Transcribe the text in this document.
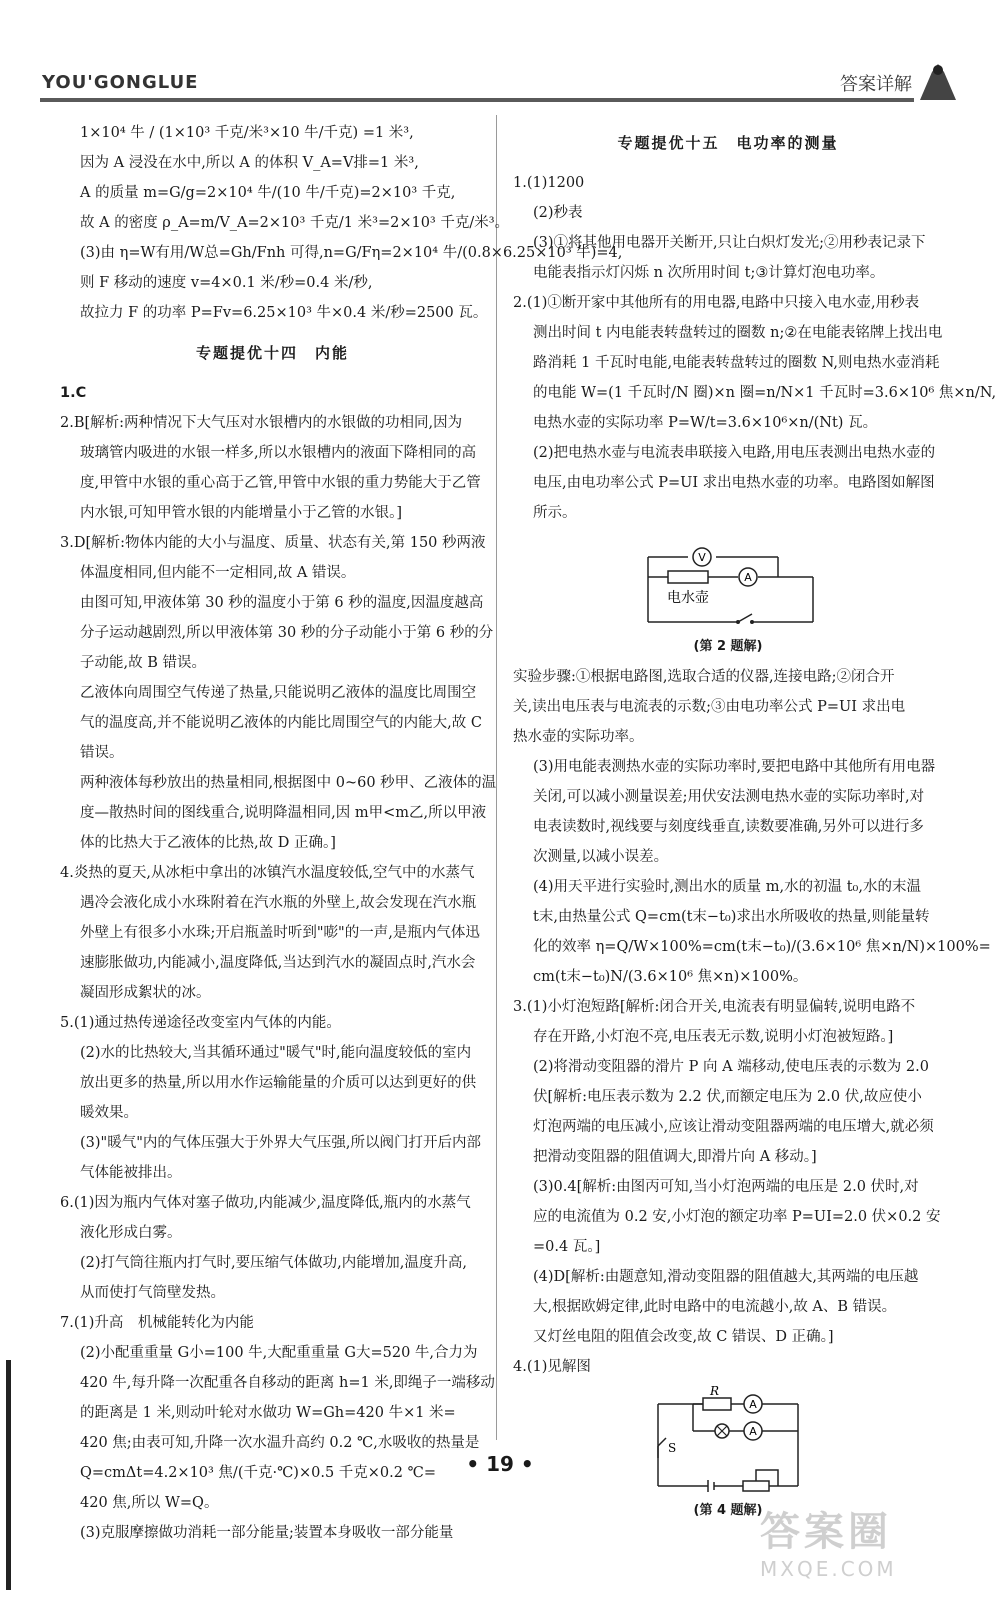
YOU'GONGLUE	答案详解
1×10⁴ 牛 / (1×10³ 千克/米³×10 牛/千克) =1 米³,
因为 A 浸没在水中,所以 A 的体积 V_A=V排=1 米³,
A 的质量 m=G/g=2×10⁴ 牛/(10 牛/千克)=2×10³ 千克,
故 A 的密度 ρ_A=m/V_A=2×10³ 千克/1 米³=2×10³ 千克/米³。
(3)由 η=W有用/W总=Gh/Fnh 可得,n=G/Fη=2×10⁴ 牛/(0.8×6.25×10³ 牛)=4,
则 F 移动的速度 v=4×0.1 米/秒=0.4 米/秒,
故拉力 F 的功率 P=Fv=6.25×10³ 牛×0.4 米/秒=2500 瓦。
专题提优十四　内能
1.C
2.B[解析:两种情况下大气压对水银槽内的水银做的功相同,因为
玻璃管内吸进的水银一样多,所以水银槽内的液面下降相同的高
度,甲管中水银的重心高于乙管,甲管中水银的重力势能大于乙管
内水银,可知甲管水银的内能增量小于乙管的水银。]
3.D[解析:物体内能的大小与温度、质量、状态有关,第 150 秒两液
体温度相同,但内能不一定相同,故 A 错误。
由图可知,甲液体第 30 秒的温度小于第 6 秒的温度,因温度越高
分子运动越剧烈,所以甲液体第 30 秒的分子动能小于第 6 秒的分
子动能,故 B 错误。
乙液体向周围空气传递了热量,只能说明乙液体的温度比周围空
气的温度高,并不能说明乙液体的内能比周围空气的内能大,故 C
错误。
两种液体每秒放出的热量相同,根据图中 0~60 秒甲、乙液体的温
度—散热时间的图线重合,说明降温相同,因 m甲<m乙,所以甲液
体的比热大于乙液体的比热,故 D 正确。]
4.炎热的夏天,从冰柜中拿出的冰镇汽水温度较低,空气中的水蒸气
遇冷会液化成小水珠附着在汽水瓶的外壁上,故会发现在汽水瓶
外壁上有很多小水珠;开启瓶盖时听到"嘭"的一声,是瓶内气体迅
速膨胀做功,内能减小,温度降低,当达到汽水的凝固点时,汽水会
凝固形成絮状的冰。
5.(1)通过热传递途径改变室内气体的内能。
(2)水的比热较大,当其循环通过"暖气"时,能向温度较低的室内
放出更多的热量,所以用水作运输能量的介质可以达到更好的供
暖效果。
(3)"暖气"内的气体压强大于外界大气压强,所以阀门打开后内部
气体能被排出。
6.(1)因为瓶内气体对塞子做功,内能减少,温度降低,瓶内的水蒸气
液化形成白雾。
(2)打气筒往瓶内打气时,要压缩气体做功,内能增加,温度升高,
从而使打气筒壁发热。
7.(1)升高　机械能转化为内能
(2)小配重重量 G小=100 牛,大配重重量 G大=520 牛,合力为
420 牛,每升降一次配重各自移动的距离 h=1 米,即绳子一端移动
的距离是 1 米,则动叶轮对水做功 W=Gh=420 牛×1 米=
420 焦;由表可知,升降一次水温升高约 0.2 ℃,水吸收的热量是
Q=cmΔt=4.2×10³ 焦/(千克·℃)×0.5 千克×0.2 ℃=
420 焦,所以 W=Q。
(3)克服摩擦做功消耗一部分能量;装置本身吸收一部分能量
专题提优十五　电功率的测量
1.(1)1200
(2)秒表
(3)①将其他用电器开关断开,只让白炽灯发光;②用秒表记录下
电能表指示灯闪烁 n 次所用时间 t;③计算灯泡电功率。
2.(1)①断开家中其他所有的用电器,电路中只接入电水壶,用秒表
测出时间 t 内电能表转盘转过的圈数 n;②在电能表铭牌上找出电
路消耗 1 千瓦时电能,电能表转盘转过的圈数 N,则电热水壶消耗
的电能 W=(1 千瓦时/N 圈)×n 圈=n/N×1 千瓦时=3.6×10⁶ 焦×n/N,
电热水壶的实际功率 P=W/t=3.6×10⁶×n/(Nt) 瓦。
(2)把电热水壶与电流表串联接入电路,用电压表测出电热水壶的
电压,由电功率公式 P=UI 求出电热水壶的功率。电路图如解图
所示。
V
A
电水壶
(第 2 题解)
实验步骤:①根据电路图,选取合适的仪器,连接电路;②闭合开
关,读出电压表与电流表的示数;③由电功率公式 P=UI 求出电
热水壶的实际功率。
(3)用电能表测热水壶的实际功率时,要把电路中其他所有用电器
关闭,可以减小测量误差;用伏安法测电热水壶的实际功率时,对
电表读数时,视线要与刻度线垂直,读数要准确,另外可以进行多
次测量,以减小误差。
(4)用天平进行实验时,测出水的质量 m,水的初温 t₀,水的末温
t末,由热量公式 Q=cm(t末−t₀)求出水所吸收的热量,则能量转
化的效率 η=Q/W×100%=cm(t末−t₀)/(3.6×10⁶ 焦×n/N)×100%=
cm(t末−t₀)N/(3.6×10⁶ 焦×n)×100%。
3.(1)小灯泡短路[解析:闭合开关,电流表有明显偏转,说明电路不
存在开路,小灯泡不亮,电压表无示数,说明小灯泡被短路。]
(2)将滑动变阻器的滑片 P 向 A 端移动,使电压表的示数为 2.0
伏[解析:电压表示数为 2.2 伏,而额定电压为 2.0 伏,故应使小
灯泡两端的电压减小,应该让滑动变阻器两端的电压增大,就必须
把滑动变阻器的阻值调大,即滑片向 A 移动。]
(3)0.4[解析:由图丙可知,当小灯泡两端的电压是 2.0 伏时,对
应的电流值为 0.2 安,小灯泡的额定功率 P=UI=2.0 伏×0.2 安
=0.4 瓦。]
(4)D[解析:由题意知,滑动变阻器的阻值越大,其两端的电压越
大,根据欧姆定律,此时电路中的电流越小,故 A、B 错误。
又灯丝电阻的阻值会改变,故 C 错误、D 正确。]
4.(1)见解图
A
A
R
S
(第 4 题解)
• 19 •
答案圈
MXQE.COM
